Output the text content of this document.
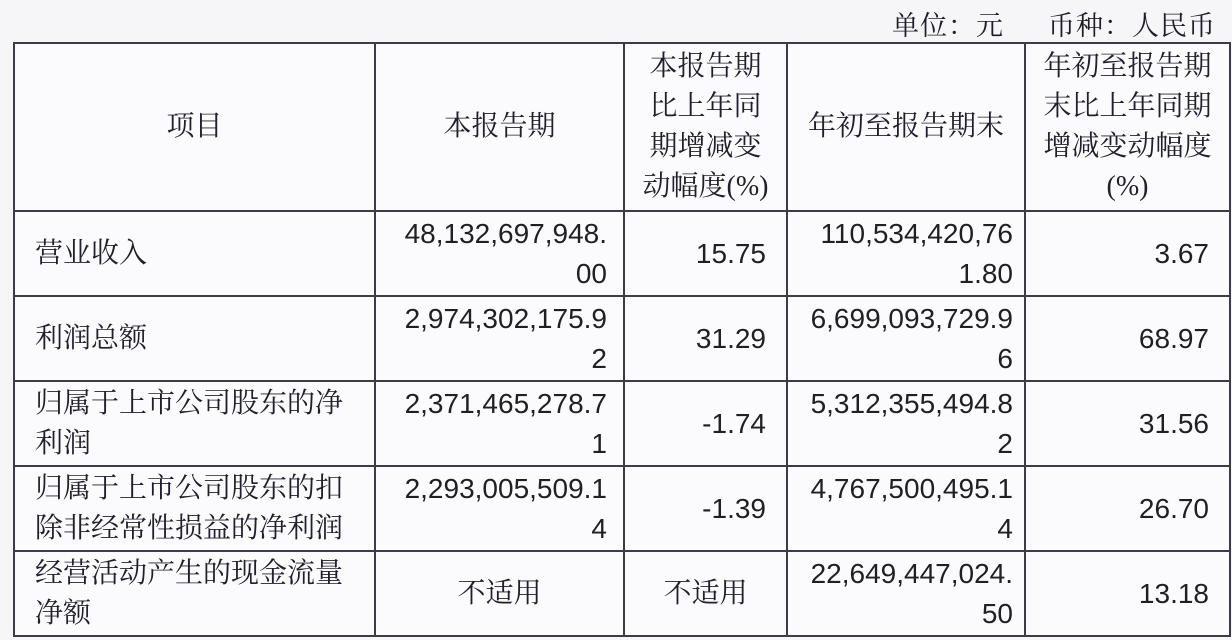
单位：元 币种：人民币
项目	本报告期	本报告期比上年同期增减变动幅度(%)	年初至报告期末	年初至报告期末比上年同期增减变动幅度(%)
营业收入	48,132,697,948.00	15.75	110,534,420,761.80	3.67
利润总额	2,974,302,175.92	31.29	6,699,093,729.96	68.97
归属于上市公司股东的净利润	2,371,465,278.71	-1.74	5,312,355,494.82	31.56
归属于上市公司股东的扣除非经常性损益的净利润	2,293,005,509.14	-1.39	4,767,500,495.14	26.70
经营活动产生的现金流量净额	不适用	不适用	22,649,447,024.50	13.18
